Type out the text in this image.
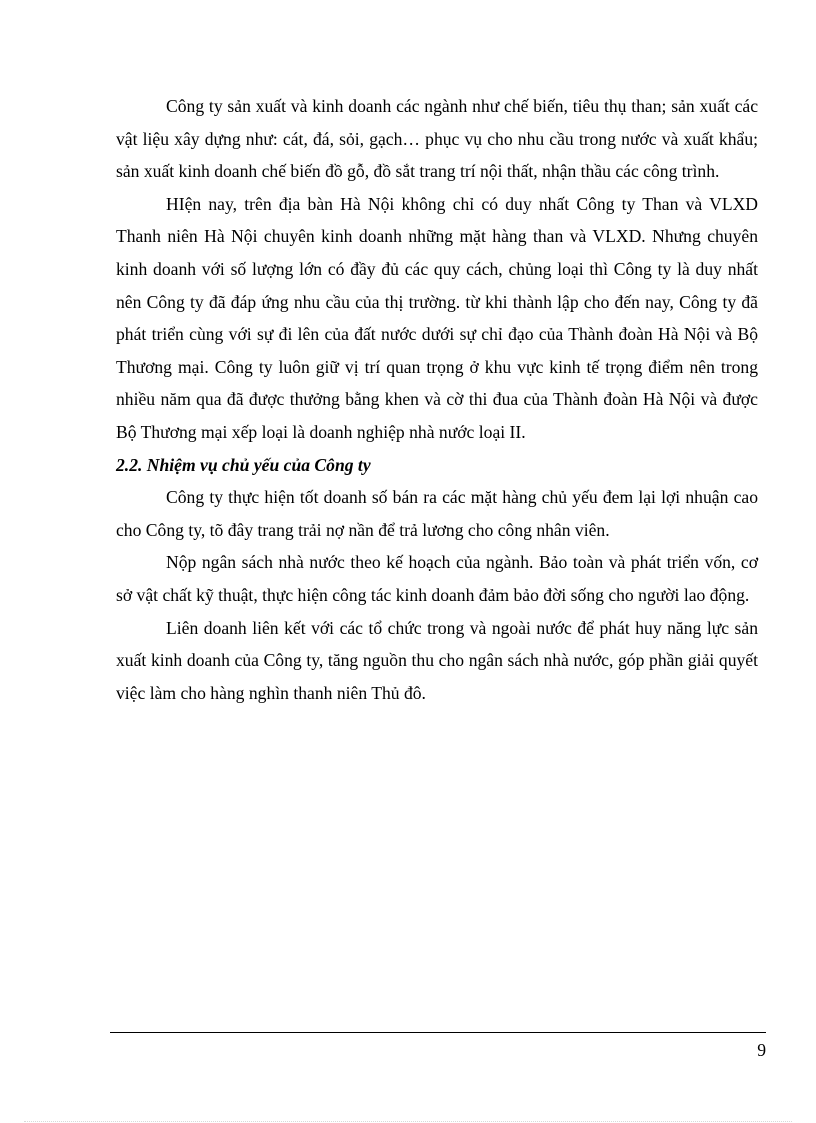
Công ty sản xuất và kinh doanh các ngành như chế biến, tiêu thụ than; sản xuất các vật liệu xây dựng như: cát, đá, sỏi, gạch… phục vụ cho nhu cầu trong nước và xuất khẩu; sản xuất kinh doanh chế biến đồ gỗ, đồ sắt trang trí nội thất, nhận thầu các công trình.

HIện nay, trên địa bàn Hà Nội không chỉ có duy nhất Công ty Than và VLXD Thanh niên Hà Nội chuyên kinh doanh những mặt hàng than và VLXD. Nhưng chuyên kinh doanh với số lượng lớn có đầy đủ các quy cách, chủng loại thì Công ty là duy nhất nên Công ty đã đáp ứng nhu cầu của thị trường. từ khi thành lập cho đến nay, Công ty đã phát triển cùng với sự đi lên của đất nước dưới sự chỉ đạo của Thành đoàn Hà Nội và Bộ Thương mại. Công ty luôn giữ vị trí quan trọng ở khu vực kinh tế trọng điểm nên trong nhiều năm qua đã được thưởng bằng khen và cờ thi đua của Thành đoàn Hà Nội và được Bộ Thương mại xếp loại là doanh nghiệp nhà nước loại II.

2.2. Nhiệm vụ chủ yếu của Công ty

Công ty thực hiện tốt doanh số bán ra các mặt hàng chủ yếu đem lại lợi nhuận cao cho Công ty, tõ đây trang trải nợ nần để trả lương cho công nhân viên.

Nộp ngân sách nhà nước theo kế hoạch của ngành. Bảo toàn và phát triển vốn, cơ sở vật chất kỹ thuật, thực hiện công tác kinh doanh đảm bảo đời sống cho người lao động.

Liên doanh liên kết với các tổ chức trong và ngoài nước để phát huy năng lực sản xuất kinh doanh của Công ty, tăng nguồn thu cho ngân sách nhà nước, góp phần giải quyết việc làm cho hàng nghìn thanh niên Thủ đô.

9
